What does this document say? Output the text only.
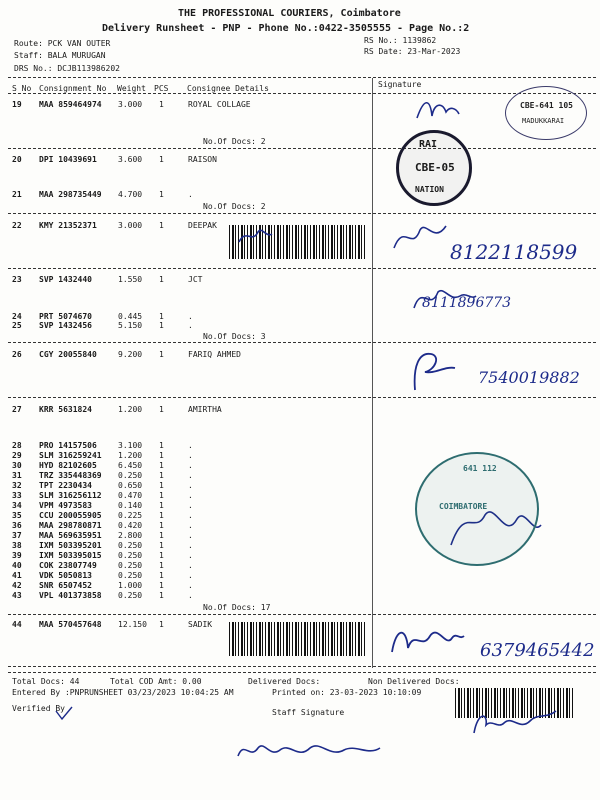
THE PROFESSIONAL COURIERS, Coimbatore
Delivery Runsheet - PNP - Phone No.:0422-3505555 - Page No.:2
Route: PCK VAN OUTER
Staff: BALA MURUGAN
DRS No.: DCJB113986202
RS No.: 1139862
RS Date: 23-Mar-2023
S No Consignment No Weight PCS Consignee Details	Signature
19 MAA 859464974 3.000 1	ROYAL COLLAGE
20 DPI 10439691	3.600 1	RAISON
21 MAA 298735449 4.700 1	.
22 KMY 21352371	3.000 1	DEEPAK
23 SVP 1432440	1.550 1	JCT
24 PRT 5074670	0.445 1	.
25 SVP 1432456	5.150 1	.
26 CGY 20055840	9.200 1	FARIQ AHMED
27 KRR 5631824	1.200 1	AMIRTHA
28 PRO 14157506	3.100 1	.
29 SLM 316259241 1.200 1	.
30 HYD 82102605	6.450 1	.
31 TRZ 335448369 0.250 1	.
32 TPT 2230434	0.650 1	.
33 SLM 316256112 0.470 1	.
34 VPM 4973583	0.140 1	.
35 CCU 200055905 0.225 1	.
36 MAA 298780871 0.420 1	.
37 MAA 569635951 2.800 1	.
38 IXM 503395201 0.250 1	.
39 IXM 503395015 0.250 1	.
40 COK 23807749	0.250 1	.
41 VDK 5050813	0.250 1	.
42 SNR 6507452	1.000 1	.
43 VPL 401373858 0.250 1	.
44 MAA 570457648 12.150 1	SADIK
No.Of Docs: 2
No.Of Docs: 2
No.Of Docs: 3
No.Of Docs: 17
8122118599
8111896773
7540019882
6379465442
CBE-641 105
MADUKKARAI
RAI
CBE-05
NATION
641 112
COIMBATORE
Total Docs: 44	Total COD Amt: 0.00	Delivered Docs:	Non Delivered Docs:
Entered By :PNPRUNSHEET 03/23/2023 10:04:25 AM	Printed on: 23-03-2023 10:10:09
Verified By	Staff Signature
